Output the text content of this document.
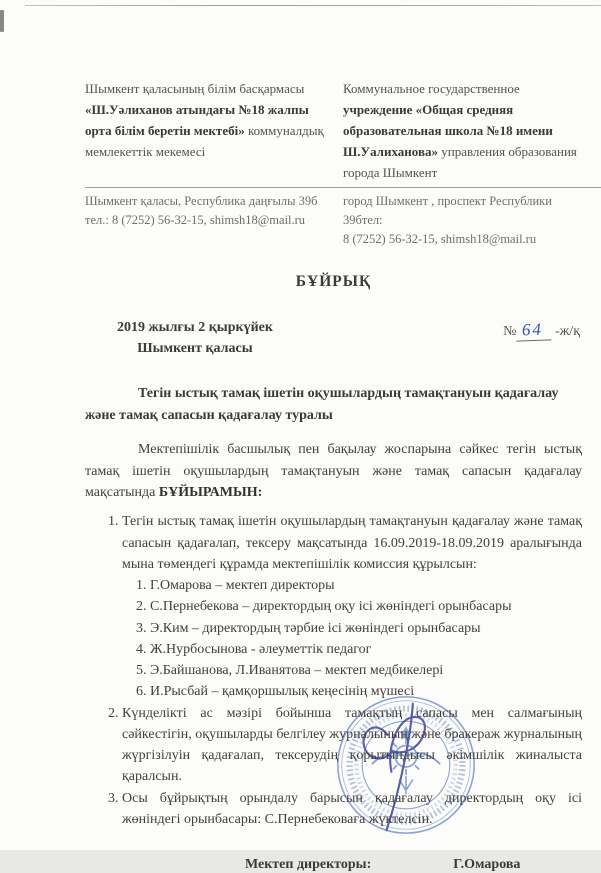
Шымкент қаласының білім басқармасы «Ш.Уәлиханов атындағы №18 жалпы орта білім беретін мектебі» коммуналдық мемлекеттік мекемесі
Коммунальное государственное учреждение «Общая средняя образовательная школа №18 имени Ш.Уалиханова» управления образования города Шымкент
Шымкент қаласы, Республика даңғылы 39б
тел.: 8 (7252) 56-32-15, shimsh18@mail.ru
город Шымкент , проспект Республики 39бтел:
8 (7252) 56-32-15, shimsh18@mail.ru
БҰЙРЫҚ
2019 жылғы 2 қыркүйек
Шымкент қаласы
№ 64 -ж/қ

Тегін ыстық тамақ ішетін оқушылардың тамақтануын қадағалау және тамақ сапасын қадағалау туралы

Мектепішілік басшылық пен бақылау жоспарына сәйкес тегін ыстық тамақ ішетін оқушылардың тамақтануын және тамақ сапасын қадағалау мақсатында БҰЙЫРАМЫН:

1. Тегін ыстық тамақ ішетін оқушылардың тамақтануын қадағалау және тамақ сапасын қадағалап, тексеру мақсатында 16.09.2019-18.09.2019 аралығында мына төмендегі құрамда мектепішілік комиссия құрылсын:
1. Г.Омарова – мектеп директоры
2. С.Пернебекова – директордың оқу ісі жөніндегі орынбасары
3. Э.Ким – директордың тәрбие ісі жөніндегі орынбасары
4. Ж.Нурбосынова - әлеуметтік педагог
5. Э.Байшанова, Л.Иванятова – мектеп медбикелері
6. И.Рысбай – қамқоршылық кеңесінің мүшесі
2. Күнделікті ас мәзірі бойынша тамақтың сапасы мен салмағының сәйкестігін, оқушыларды белгілеу журналының және бракераж журналының жүргізілуін қадағалап, тексерудің қорытындысы әкімшілік жиналыста қаралсын.
3. Осы бұйрықтың орындалу барысын қадағалау директордың оқу ісі жөніндегі орынбасары: С.Пернебековаға жүктелсін.
Мектеп директоры:	Г.Омарова
